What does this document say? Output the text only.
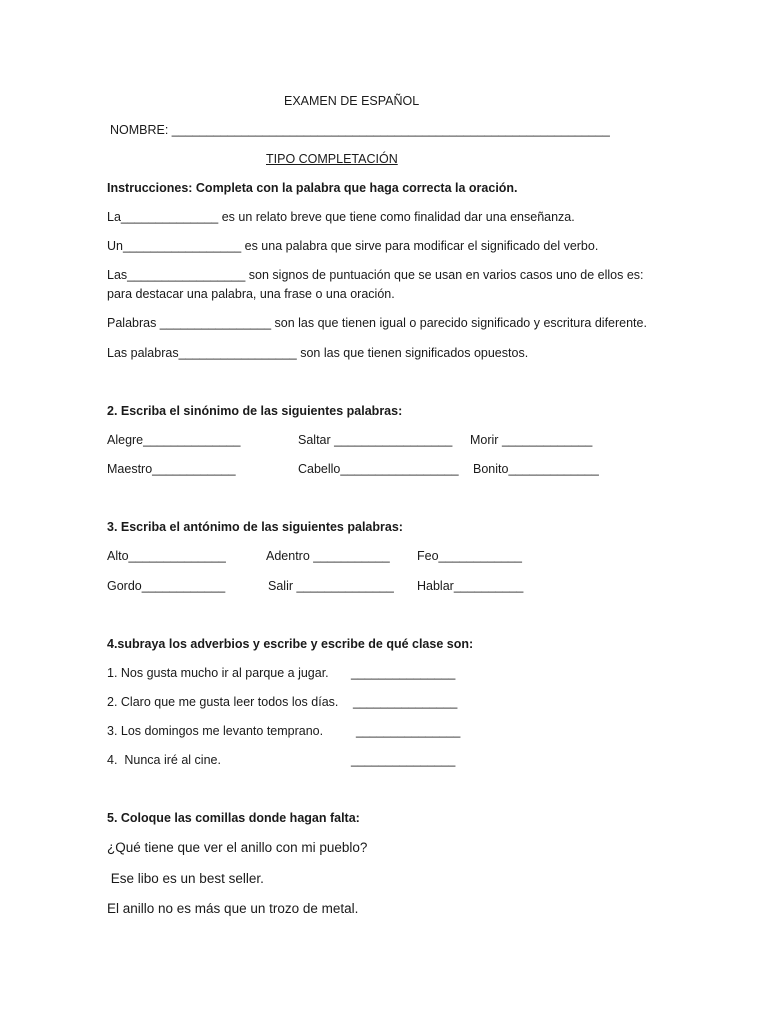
EXAMEN DE ESPAÑOL
NOMBRE: _______________________________________________________________
TIPO COMPLETACIÓN
Instrucciones: Completa con la palabra que haga correcta la oración.
La______________ es un relato breve que tiene como finalidad dar una enseñanza.
Un_________________ es una palabra que sirve para modificar el significado del verbo.
Las_________________ son signos de puntuación que se usan en varios casos uno de ellos es:
para destacar una palabra, una frase o una oración.
Palabras ________________ son las que tienen igual o parecido significado y escritura diferente.
Las palabras_________________ son las que tienen significados opuestos.
2. Escriba el sinónimo de las siguientes palabras:
Alegre______________	Saltar _________________ Morir _____________
Maestro____________	Cabello_________________ Bonito_____________
3. Escriba el antónimo de las siguientes palabras:
Alto______________	Adentro ___________ Feo____________
Gordo____________	Salir ______________ Hablar__________
4.subraya los adverbios y escribe y escribe de qué clase son:
1. Nos gusta mucho ir al parque a jugar. _______________
2. Claro que me gusta leer todos los días. _______________
3. Los domingos me levanto temprano.	_______________
4.  Nunca iré al cine.	_______________
5. Coloque las comillas donde hagan falta:
¿Qué tiene que ver el anillo con mi pueblo?
Ese libo es un best seller.
El anillo no es más que un trozo de metal.
